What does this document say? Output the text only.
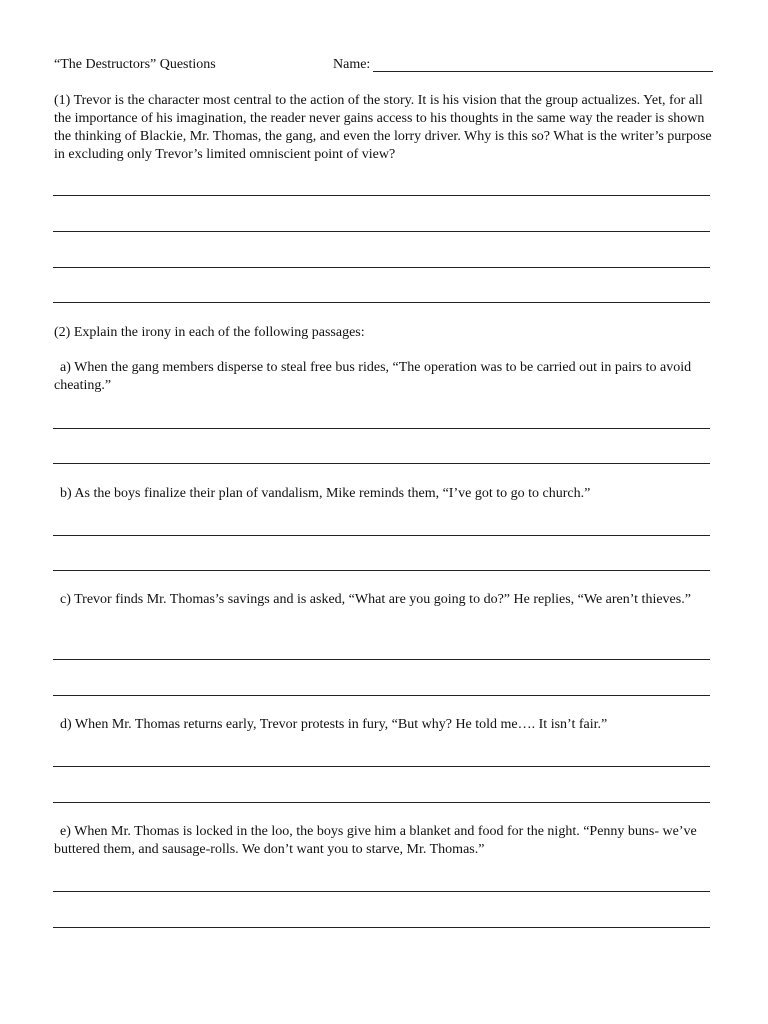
“The Destructors” Questions	Name:
(1) Trevor is the character most central to the action of the story. It is his vision that the group actualizes. Yet, for all the importance of his imagination, the reader never gains access to his thoughts in the same way the reader is shown the thinking of Blackie, Mr. Thomas, the gang, and even the lorry driver. Why is this so? What is the writer’s purpose in excluding only Trevor’s limited omniscient point of view?
(2) Explain the irony in each of the following passages:
a) When the gang members disperse to steal free bus rides, “The operation was to be carried out in pairs to avoid cheating.”
b) As the boys finalize their plan of vandalism, Mike reminds them, “I’ve got to go to church.”
c) Trevor finds Mr. Thomas’s savings and is asked, “What are you going to do?” He replies, “We aren’t thieves.”
d) When Mr. Thomas returns early, Trevor protests in fury, “But why? He told me…. It isn’t fair.”
e) When Mr. Thomas is locked in the loo, the boys give him a blanket and food for the night. “Penny buns- we’ve buttered them, and sausage-rolls. We don’t want you to starve, Mr. Thomas.”
